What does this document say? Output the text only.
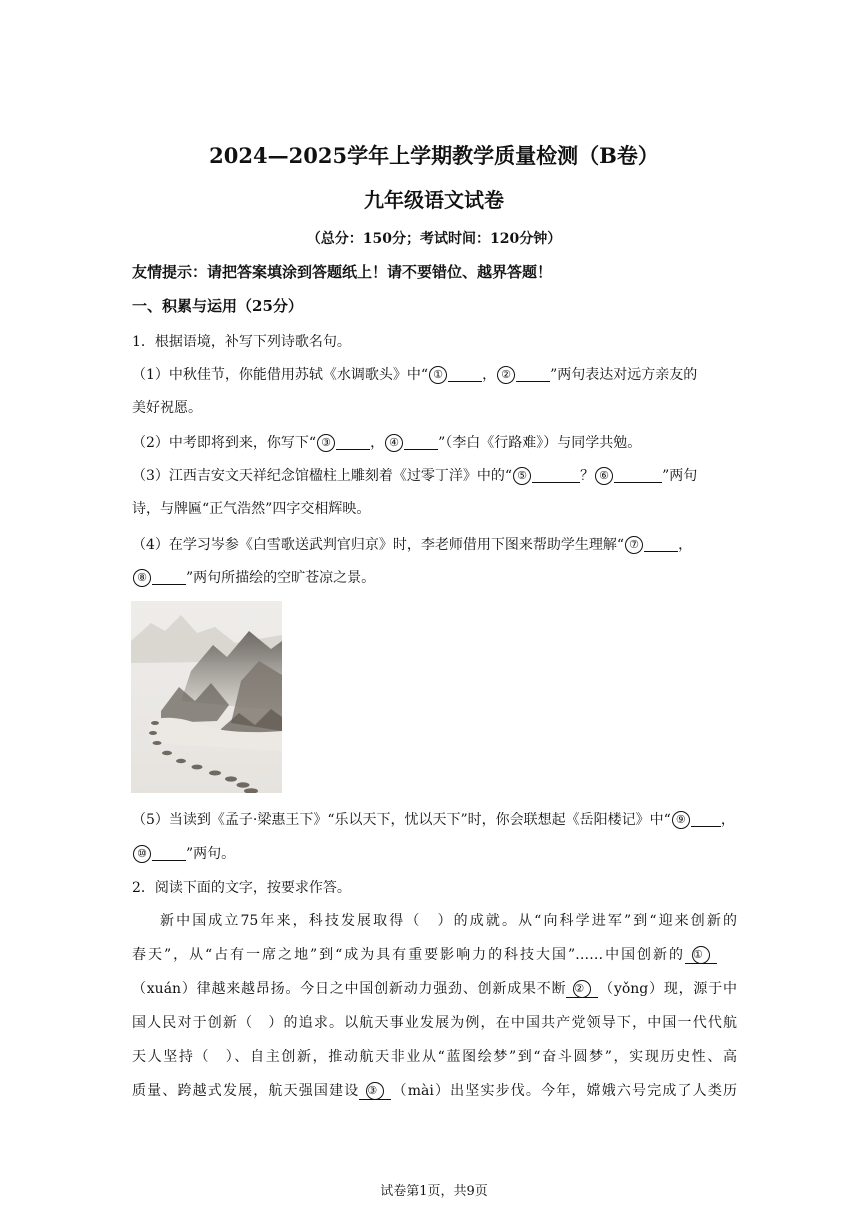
2024—2025学年上学期教学质量检测（B卷）
九年级语文试卷
（总分：150分；考试时间：120分钟）
友情提示：请把答案填涂到答题纸上！请不要错位、越界答题！
一、积累与运用（25分）
1．根据语境，补写下列诗歌名句。
（1）中秋佳节，你能借用苏轼《水调歌头》中“ ①	， ②	”两句表达对远方亲友的
美好祝愿。
（2）中考即将到来，你写下“ ③	， ④	”（李白《行路难》）与同学共勉。
（3）江西吉安文天祥纪念馆楹柱上雕刻着《过零丁洋》中的“ ⑤	？ ⑥	”两句
诗，与牌匾“正气浩然”四字交相辉映。
（4）在学习岑参《白雪歌送武判官归京》时，李老师借用下图来帮助学生理解“ ⑦	，
⑧	”两句所描绘的空旷苍凉之景。
（5）当读到《孟子·梁惠王下》“乐以天下，忧以天下”时，你会联想起《岳阳楼记》中“ ⑨	，
⑩	”两句。
2．阅读下面的文字，按要求作答。
新中国成立75年来，科技发展取得（　）的成就。从“向科学进军”到“迎来创新的
春天”，从“占有一席之地”到“成为具有重要影响力的科技大国”……中国创新的 ①
（xuán）律越来越昂扬。今日之中国创新动力强劲、创新成果不断 ② （yǒng）现，源于中
国人民对于创新（　）的追求。以航天事业发展为例，在中国共产党领导下，中国一代代航
天人坚持（　）、自主创新，推动航天非业从“蓝图绘梦”到“奋斗圆梦”，实现历史性、高
质量、跨越式发展，航天强国建设 ③ （mài）出坚实步伐。今年，嫦娥六号完成了人类历
试卷第1页，共9页
